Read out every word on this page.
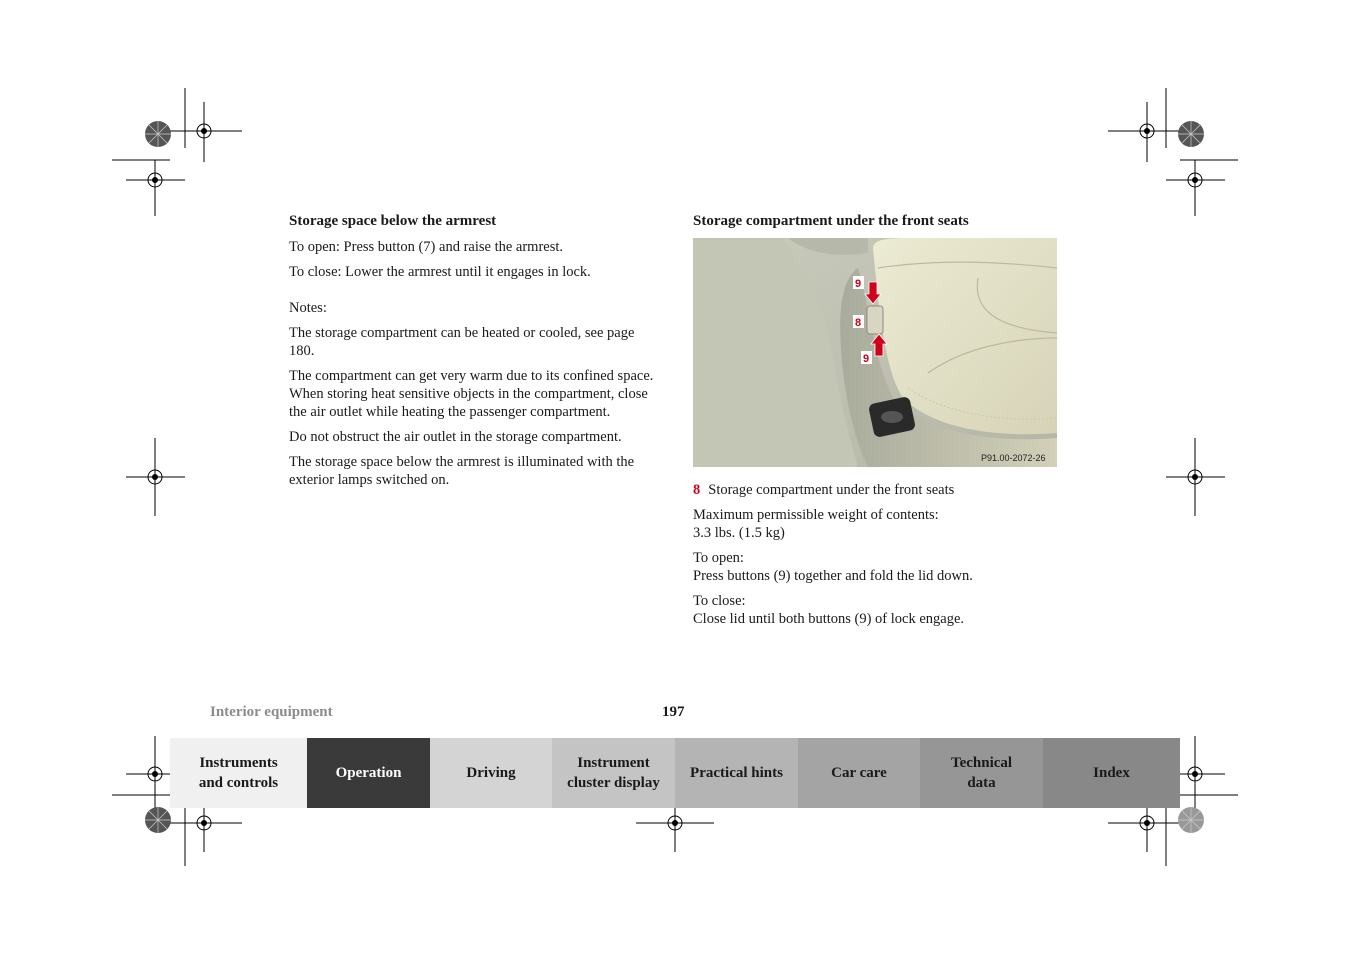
Storage space below the armrest

To open: Press button (7) and raise the armrest.

To close: Lower the armrest until it engages in lock.

Notes:

The storage compartment can be heated or cooled, see page 180.

The compartment can get very warm due to its confined space. When storing heat sensitive objects in the compartment, close the air outlet while heating the passenger compartment.

Do not obstruct the air outlet in the storage compartment.

The storage space below the armrest is illuminated with the exterior lamps switched on.

Storage compartment under the front seats
9
8
9
P91.00-2072-26

8 Storage compartment under the front seats

Maximum permissible weight of contents:
3.3 lbs. (1.5 kg)

To open:
Press buttons (9) together and fold the lid down.

To close:
Close lid until both buttons (9) of lock engage.

Interior equipment	197
Instruments
and controls
Operation	Driving
Instrument
cluster display
Practical hints	Car care
Technical
data
Index
